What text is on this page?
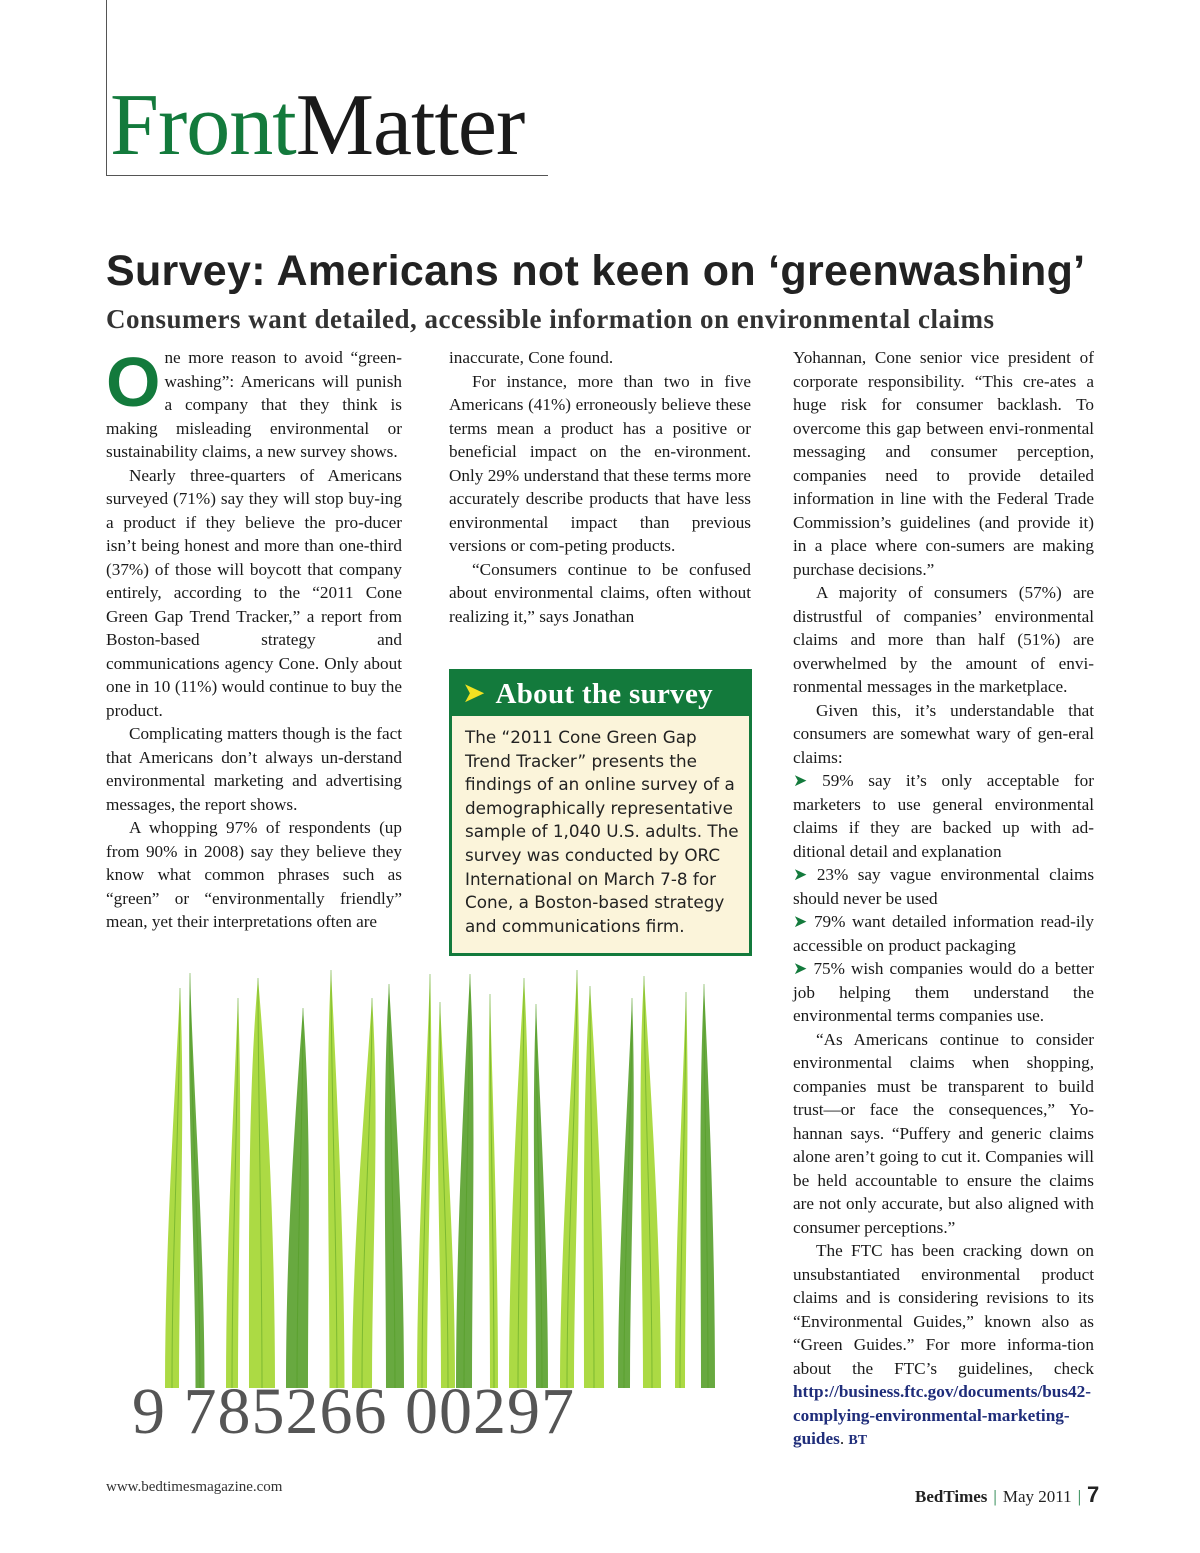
FrontMatter
Survey: Americans not keen on ‘greenwashing’
Consumers want detailed, accessible information on environmental claims

One more reason to avoid “green-washing”: Americans will punish a company that they think is making misleading environmental or sustainability claims, a new survey shows.

Nearly three-quarters of Americans surveyed (71%) say they will stop buy-ing a product if they believe the pro-ducer isn’t being honest and more than one-third (37%) of those will boycott that company entirely, according to the “2011 Cone Green Gap Trend Tracker,” a report from Boston-based strategy and communications agency Cone. Only about one in 10 (11%) would continue to buy the product.

Complicating matters though is the fact that Americans don’t always un-derstand environmental marketing and advertising messages, the report shows.

A whopping 97% of respondents (up from 90% in 2008) say they believe they know what common phrases such as “green” or “environmentally friendly” mean, yet their interpretations often are

inaccurate, Cone found.

For instance, more than two in five Americans (41%) erroneously believe these terms mean a product has a positive or beneficial impact on the en-vironment. Only 29% understand that these terms more accurately describe products that have less environmental impact than previous versions or com-peting products.

“Consumers continue to be confused about environmental claims, often without realizing it,” says Jonathan

➤ About the survey
The “2011 Cone Green Gap Trend Tracker” presents the findings of an online survey of a demographically representative sample of 1,040 U.S. adults. The survey was conducted by ORC International on March 7-8 for Cone, a Boston-based strategy and communications firm.

Yohannan, Cone senior vice president of corporate responsibility. “This cre-ates a huge risk for consumer backlash. To overcome this gap between envi-ronmental messaging and consumer perception, companies need to provide detailed information in line with the Federal Trade Commission’s guidelines (and provide it) in a place where con-sumers are making purchase decisions.”

A majority of consumers (57%) are distrustful of companies’ environmental claims and more than half (51%) are overwhelmed by the amount of envi-ronmental messages in the marketplace.

Given this, it’s understandable that consumers are somewhat wary of gen-eral claims:

➤ 59% say it’s only acceptable for marketers to use general environmental claims if they are backed up with ad-ditional detail and explanation

➤ 23% say vague environmental claims should never be used

➤ 79% want detailed information read-ily accessible on product packaging

➤ 75% wish companies would do a better job helping them understand the environmental terms companies use.

“As Americans continue to consider environmental claims when shopping, companies must be transparent to build trust—or face the consequences,” Yo-hannan says. “Puffery and generic claims alone aren’t going to cut it. Companies will be held accountable to ensure the claims are not only accurate, but also aligned with consumer perceptions.”

The FTC has been cracking down on unsubstantiated environmental product claims and is considering revisions to its “Environmental Guides,” known also as “Green Guides.” For more informa-tion about the FTC’s guidelines, check http://business.ftc.gov/documents/bus42-complying-environmental-marketing-guides. BT

9 785266 00297
www.bedtimesmagazine.com	BedTimes | May 2011 | 7
